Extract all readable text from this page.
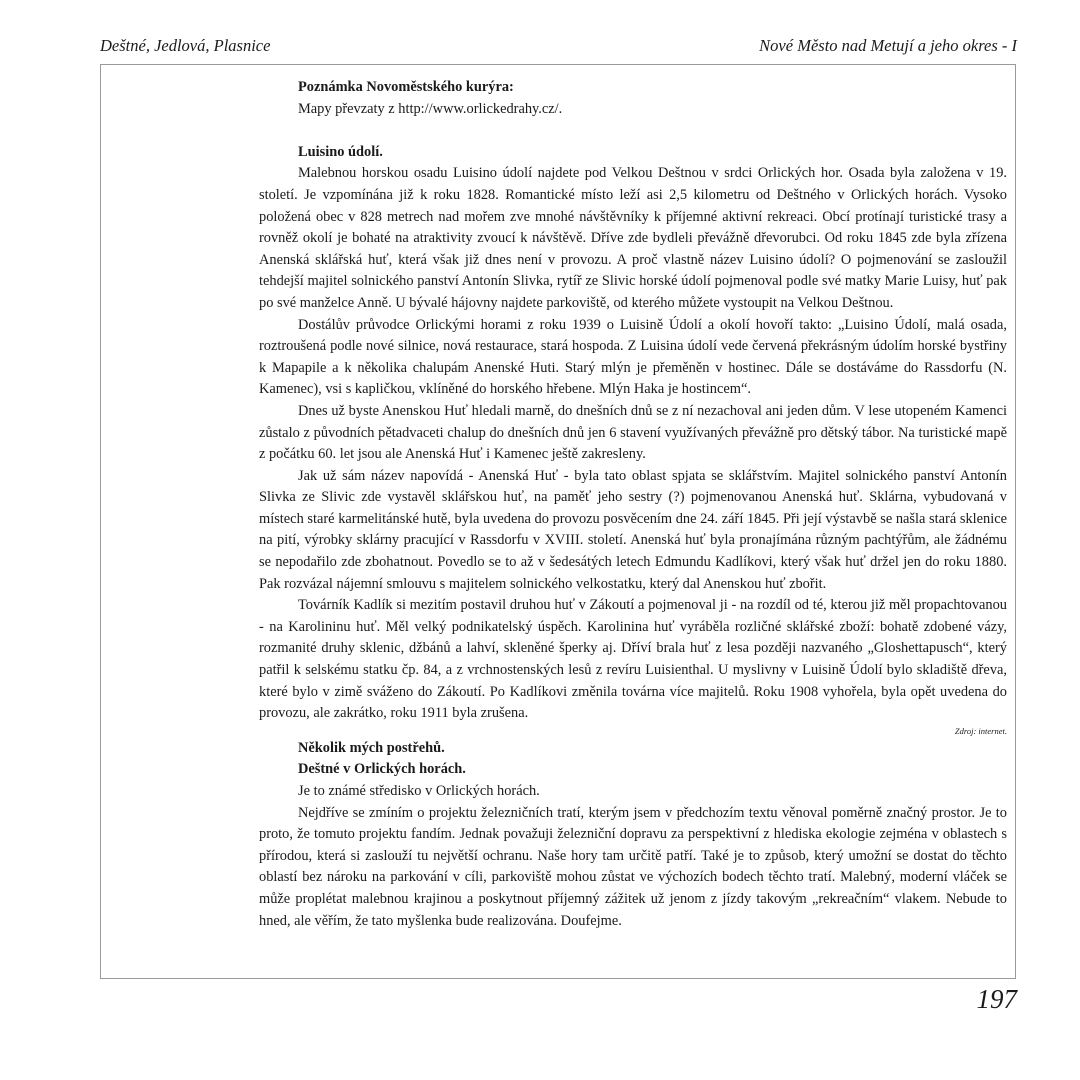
Deštné, Jedlová, Plasnice	Nové Město nad Metují a jeho okres - I

Poznámka Novoměstského kurýra:

Mapy převzaty z http://www.orlickedrahy.cz/.

Luisino údolí.

Malebnou horskou osadu Luisino údolí najdete pod Velkou Deštnou v srdci Orlických hor. Osada byla založena v 19. století. Je vzpomínána již k roku 1828. Romantické místo leží asi 2,5 kilometru od Deštného v Orlických horách. Vysoko položená obec v 828 metrech nad mořem zve mnohé návštěvníky k příjemné aktivní rekreaci. Obcí protínají turistické trasy a rovněž okolí je bohaté na atraktivity zvoucí k návštěvě. Dříve zde bydleli převážně dřevorubci. Od roku 1845 zde byla zřízena Anenská sklářská huť, která však již dnes není v provozu. A proč vlastně název Luisino údolí? O pojmenování se zasloužil tehdejší majitel solnického panství Antonín Slivka, rytíř ze Slivic horské údolí pojmenoval podle své matky Marie Luisy, huť pak po své manželce Anně. U bývalé hájovny najdete parkoviště, od kterého můžete vystoupit na Velkou Deštnou.

Dostálův průvodce Orlickými horami z roku 1939 o Luisině Údolí a okolí hovoří takto: „Luisino Údolí, malá osada, roztroušená podle nové silnice, nová restaurace, stará hospoda. Z Luisina údolí vede červená překrásným údolím horské bystřiny k Mapapile a k několika chalupám Anenské Huti. Starý mlýn je přeměněn v hostinec. Dále se dostáváme do Rassdorfu (N. Kamenec), vsi s kapličkou, vklíněné do horského hřebene. Mlýn Haka je hostincem“.

Dnes už byste Anenskou Huť hledali marně, do dnešních dnů se z ní nezachoval ani jeden dům. V lese utopeném Kamenci zůstalo z původních pětadvaceti chalup do dnešních dnů jen 6 stavení využívaných převážně pro dětský tábor. Na turistické mapě z počátku 60. let jsou ale Anenská Huť i Kamenec ještě zakresleny.

Jak už sám název napovídá - Anenská Huť - byla tato oblast spjata se sklářstvím. Majitel solnického panství Antonín Slivka ze Slivic zde vystavěl sklářskou huť, na paměť jeho sestry (?) pojmenovanou Anenská huť. Sklárna, vybudovaná v místech staré karmelitánské hutě, byla uvedena do provozu posvěcením dne 24. září 1845. Při její výstavbě se našla stará sklenice na pití, výrobky sklárny pracující v Rassdorfu v XVIII. století. Anenská huť byla pronajímána různým pachtýřům, ale žádnému se nepodařilo zde zbohatnout. Povedlo se to až v šedesátých letech Edmundu Kadlíkovi, který však huť držel jen do roku 1880. Pak rozvázal nájemní smlouvu s majitelem solnického velkostatku, který dal Anenskou huť zbořit.

Továrník Kadlík si mezitím postavil druhou huť v Zákoutí a pojmenoval ji - na rozdíl od té, kterou již měl propachtovanou - na Karolininu huť. Měl velký podnikatelský úspěch. Karolinina huť vyráběla rozličné sklářské zboží: bohatě zdobené vázy, rozmanité druhy sklenic, džbánů a lahví, skleněné šperky aj. Dříví brala huť z lesa později nazvaného „Gloshettapusch“, který patřil k selskému statku čp. 84, a z vrchnostenských lesů z revíru Luisienthal. U myslivny v Luisině Údolí bylo skladiště dřeva, které bylo v zimě sváženo do Zákoutí. Po Kadlíkovi změnila továrna více majitelů. Roku 1908 vyhořela, byla opět uvedena do provozu, ale zakrátko, roku 1911 byla zrušena.

Zdroj: internet.

Několik mých postřehů.

Deštné v Orlických horách.

Je to známé středisko v Orlických horách.

Nejdříve se zmíním o projektu železničních tratí, kterým jsem v předchozím textu věnoval poměrně značný prostor. Je to proto, že tomuto projektu fandím. Jednak považuji železniční dopravu za perspektivní z hlediska ekologie zejména v oblastech s přírodou, která si zaslouží tu největší ochranu. Naše hory tam určitě patří. Také je to způsob, který umožní se dostat do těchto oblastí bez nároku na parkování v cíli, parkoviště mohou zůstat ve výchozích bodech těchto tratí. Malebný, moderní vláček se může proplétat malebnou krajinou a poskytnout příjemný zážitek už jenom z jízdy takovým „rekreačním“ vlakem. Nebude to hned, ale věřím, že tato myšlenka bude realizována. Doufejme.

197
